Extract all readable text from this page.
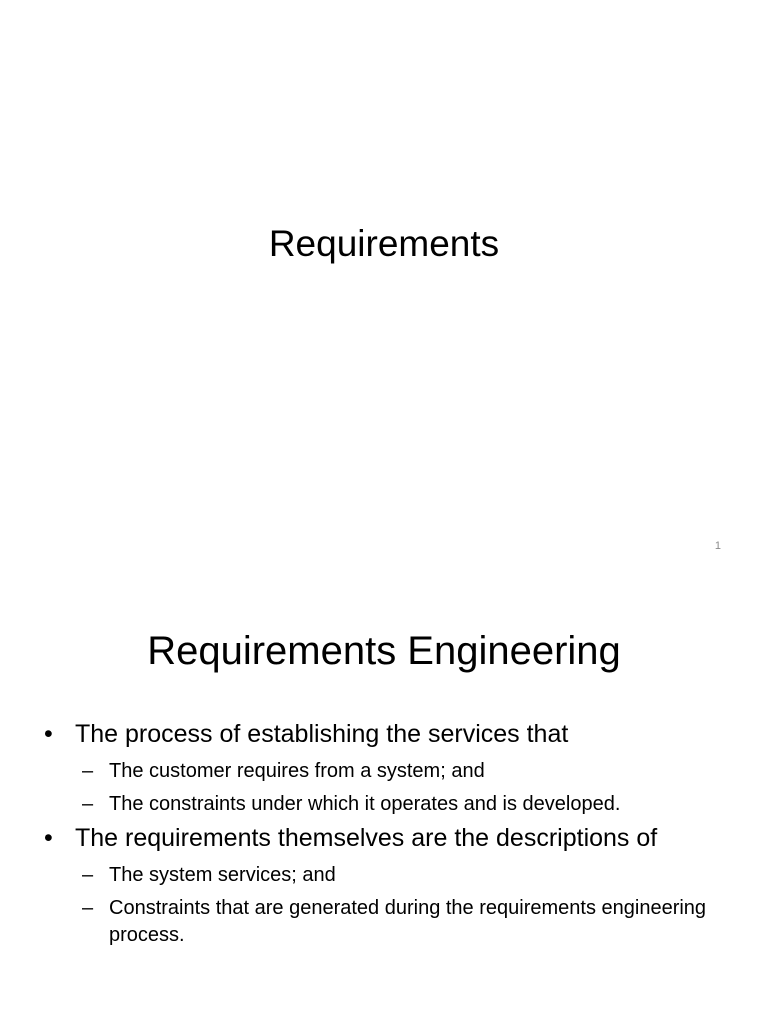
Requirements
1
Requirements Engineering
• The process of establishing the services that
– The customer requires from a system; and
– The constraints under which it operates and is developed.
• The requirements themselves are the descriptions of
– The system services; and
– Constraints that are generated during the requirements engineering process.
